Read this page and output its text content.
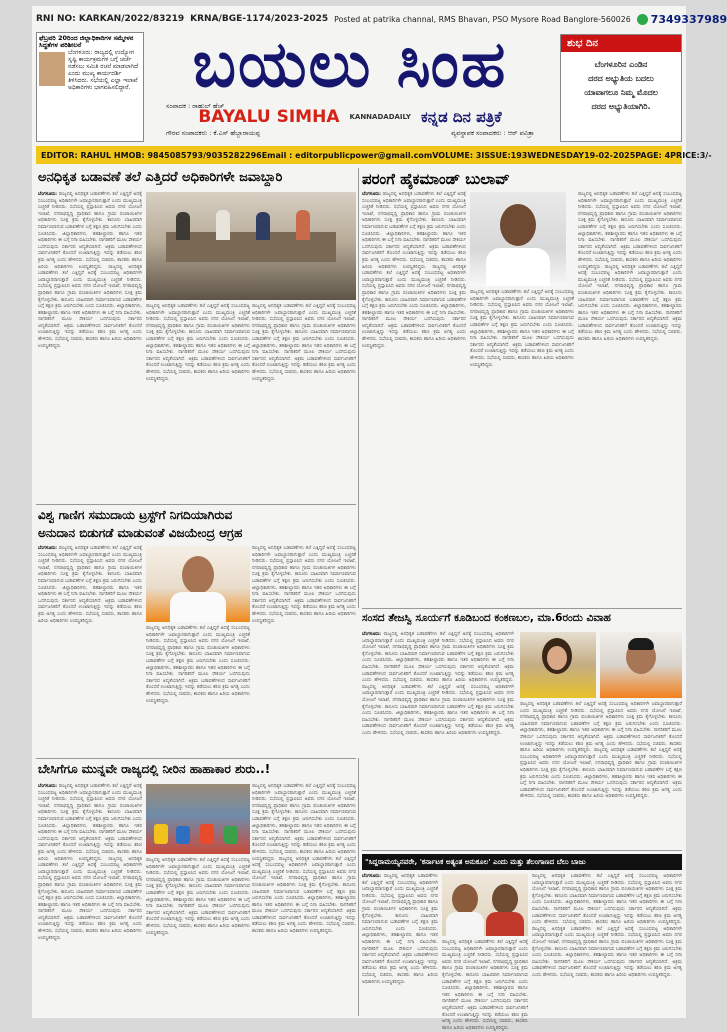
RNI NO: KARKAN/2022/83219 KRNA/BGE-1174/2023-2025 Posted at patrika channal, RMS Bhavan, PSO Mysore Road Banglore-560026 7349337989
ಫೆಬ್ರವರಿ 20ರಿಂದ ಜಿಲ್ಲಾಧಿಕಾರಿಗಳ ಸಮ್ಮೇಳನ ಸಿದ್ಧತೆಗಳ ಪರಿಶೀಲನೆ
ಬೆಂಗಳೂರು: ರಾಜ್ಯದಲ್ಲಿ ಉದ್ಯೋಗ ಸೃಷ್ಟಿ ಕಾರ್ಯಕ್ರಮಗಳ ಬಗ್ಗೆ ಚರ್ಚೆ ನಡೆಸಲು ಸಮಿತಿ ರಚನೆ ಮಾಡಲಾಗಿದೆ ಎಂದು ಮುಖ್ಯ ಕಾರ್ಯದರ್ಶಿ ತಿಳಿಸಿದರು. ಸಭೆಯಲ್ಲಿ ಎಲ್ಲಾ ಇಲಾಖೆ ಅಧಿಕಾರಿಗಳು ಭಾಗವಹಿಸಲಿದ್ದಾರೆ. ಬಯಲು ಸಿಂಹ
ಸಂಪಾದಕ : ರಾಹುಲ್ ಹೆಚ್
BAYALU SIMHA KANNADADAILY ಕನ್ನಡ ದಿನ ಪತ್ರಿಕೆ
ಗೌರವ ಸಂಪಾದಕರು : ಕೆ.ಎಸ್ ಹೆಬ್ಬಾರಾಯಪ್ಪ	ವ್ಯವಸ್ಥಾಪಕ ಸಂಪಾದಕರು : ಆರ್ ಪವಿತ್ರಾ
ಶುಭ ದಿನ
ಬೆಂಗಳೂರಿನ ಎಂಡಿನ
ದರದ ಅಭ್ಯುತಿಯ ಬದಲು
ಯಾವಾಗಲೂ ನಿಮ್ಮ ಮೊದಲ
ದರದ ಅಭ್ಯುತಿಯಾಗಿರಿ.
EDITOR: RAHUL H MOB: 9845085793/9035282296 Email : editorpublicpower@gmail.com VOLUME: 3 ISSUE:193 WEDNESDAY 19-02-2025 PAGE: 4 PRICE:3/-
ಅನಧಿಕೃತ ಬಡಾವಣೆ ತಲೆ ಎತ್ತಿದರೆ ಅಧಿಕಾರಿಗಳೇ ಜವಾಬ್ದಾರಿ
ಬೆಂಗಳೂರು: ರಾಜ್ಯದಲ್ಲಿ ಅನಧಿಕೃತ ಬಡಾವಣೆಗಳು ತಲೆ ಎತ್ತಿದ್ದರೆ ಅದಕ್ಕೆ ಸಂಬಂಧಪಟ್ಟ ಅಧಿಕಾರಿಗಳೇ ಜವಾಬ್ದಾರರಾಗುತ್ತಾರೆ ಎಂದು ಮುಖ್ಯಮಂತ್ರಿ ಎಚ್ಚರಿಕೆ ನೀಡಿದರು. ಸಭೆಯಲ್ಲಿ ಪ್ರಸ್ತಾಪಿಸಿದ ಅವರು ನಗರ ಯೋಜನೆ ಇಲಾಖೆ, ನಗರಾಭಿವೃದ್ಧಿ ಪ್ರಾಧಿಕಾರ ಹಾಗೂ ಗ್ರಾಮ ಪಂಚಾಯಿತಿಗಳ ಅಧಿಕಾರಿಗಳು ಸೂಕ್ತ ಕ್ರಮ ಕೈಗೊಳ್ಳಬೇಕು. ಕಾನೂನು ಬಾಹಿರವಾಗಿ ನಿರ್ಮಾಣವಾಗುವ ಬಡಾವಣೆಗಳ ಬಗ್ಗೆ ತಕ್ಷಣ ಕ್ರಮ ಜರುಗಿಸಬೇಕು ಎಂದು ಸೂಚಿಸಿದರು. ಜಿಲ್ಲಾಧಿಕಾರಿಗಳು, ತಹಶೀಲ್ದಾರರು ಹಾಗೂ ಇತರ ಅಧಿಕಾರಿಗಳು ಈ ಬಗ್ಗೆ ನಿಗಾ ವಹಿಸಬೇಕು. ನಾಗರಿಕರಿಗೆ ಮೂಲ ಸೌಕರ್ಯ ಒದಗಿಸುವುದು ಸರ್ಕಾರದ ಆದ್ಯತೆಯಾಗಿದೆ. ಅಕ್ರಮ ಬಡಾವಣೆಗಳಿಂದ ಸಾರ್ವಜನಿಕರಿಗೆ ತೊಂದರೆ ಉಂಟಾಗುತ್ತಿದ್ದು ಇದನ್ನು ತಡೆಯಲು ಕಠಿಣ ಕ್ರಮ ಅಗತ್ಯ ಎಂದು ಹೇಳಿದರು. ಸಭೆಯಲ್ಲಿ ಸಚಿವರು, ಶಾಸಕರು ಹಾಗೂ ಹಿರಿಯ ಅಧಿಕಾರಿಗಳು ಉಪಸ್ಥಿತರಿದ್ದರು. ರಾಜ್ಯದಲ್ಲಿ ಅನಧಿಕೃತ ಬಡಾವಣೆಗಳು ತಲೆ ಎತ್ತಿದ್ದರೆ ಅದಕ್ಕೆ ಸಂಬಂಧಪಟ್ಟ ಅಧಿಕಾರಿಗಳೇ ಜವಾಬ್ದಾರರಾಗುತ್ತಾರೆ ಎಂದು ಮುಖ್ಯಮಂತ್ರಿ ಎಚ್ಚರಿಕೆ ನೀಡಿದರು. ಸಭೆಯಲ್ಲಿ ಪ್ರಸ್ತಾಪಿಸಿದ ಅವರು ನಗರ ಯೋಜನೆ ಇಲಾಖೆ, ನಗರಾಭಿವೃದ್ಧಿ ಪ್ರಾಧಿಕಾರ ಹಾಗೂ ಗ್ರಾಮ ಪಂಚಾಯಿತಿಗಳ ಅಧಿಕಾರಿಗಳು ಸೂಕ್ತ ಕ್ರಮ ಕೈಗೊಳ್ಳಬೇಕು. ಕಾನೂನು ಬಾಹಿರವಾಗಿ ನಿರ್ಮಾಣವಾಗುವ ಬಡಾವಣೆಗಳ ಬಗ್ಗೆ ತಕ್ಷಣ ಕ್ರಮ ಜರುಗಿಸಬೇಕು ಎಂದು ಸೂಚಿಸಿದರು. ಜಿಲ್ಲಾಧಿಕಾರಿಗಳು, ತಹಶೀಲ್ದಾರರು ಹಾಗೂ ಇತರ ಅಧಿಕಾರಿಗಳು ಈ ಬಗ್ಗೆ ನಿಗಾ ವಹಿಸಬೇಕು. ನಾಗರಿಕರಿಗೆ ಮೂಲ ಸೌಕರ್ಯ ಒದಗಿಸುವುದು ಸರ್ಕಾರದ ಆದ್ಯತೆಯಾಗಿದೆ. ಅಕ್ರಮ ಬಡಾವಣೆಗಳಿಂದ ಸಾರ್ವಜನಿಕರಿಗೆ ತೊಂದರೆ ಉಂಟಾಗುತ್ತಿದ್ದು ಇದನ್ನು ತಡೆಯಲು ಕಠಿಣ ಕ್ರಮ ಅಗತ್ಯ ಎಂದು ಹೇಳಿದರು. ಸಭೆಯಲ್ಲಿ ಸಚಿವರು, ಶಾಸಕರು ಹಾಗೂ ಹಿರಿಯ ಅಧಿಕಾರಿಗಳು ಉಪಸ್ಥಿತರಿದ್ದರು.
ರಾಜ್ಯದಲ್ಲಿ ಅನಧಿಕೃತ ಬಡಾವಣೆಗಳು ತಲೆ ಎತ್ತಿದ್ದರೆ ಅದಕ್ಕೆ ಸಂಬಂಧಪಟ್ಟ ಅಧಿಕಾರಿಗಳೇ ಜವಾಬ್ದಾರರಾಗುತ್ತಾರೆ ಎಂದು ಮುಖ್ಯಮಂತ್ರಿ ಎಚ್ಚರಿಕೆ ನೀಡಿದರು. ಸಭೆಯಲ್ಲಿ ಪ್ರಸ್ತಾಪಿಸಿದ ಅವರು ನಗರ ಯೋಜನೆ ಇಲಾಖೆ, ನಗರಾಭಿವೃದ್ಧಿ ಪ್ರಾಧಿಕಾರ ಹಾಗೂ ಗ್ರಾಮ ಪಂಚಾಯಿತಿಗಳ ಅಧಿಕಾರಿಗಳು ಸೂಕ್ತ ಕ್ರಮ ಕೈಗೊಳ್ಳಬೇಕು. ಕಾನೂನು ಬಾಹಿರವಾಗಿ ನಿರ್ಮಾಣವಾಗುವ ಬಡಾವಣೆಗಳ ಬಗ್ಗೆ ತಕ್ಷಣ ಕ್ರಮ ಜರುಗಿಸಬೇಕು ಎಂದು ಸೂಚಿಸಿದರು. ಜಿಲ್ಲಾಧಿಕಾರಿಗಳು, ತಹಶೀಲ್ದಾರರು ಹಾಗೂ ಇತರ ಅಧಿಕಾರಿಗಳು ಈ ಬಗ್ಗೆ ನಿಗಾ ವಹಿಸಬೇಕು. ನಾಗರಿಕರಿಗೆ ಮೂಲ ಸೌಕರ್ಯ ಒದಗಿಸುವುದು ಸರ್ಕಾರದ ಆದ್ಯತೆಯಾಗಿದೆ. ಅಕ್ರಮ ಬಡಾವಣೆಗಳಿಂದ ಸಾರ್ವಜನಿಕರಿಗೆ ತೊಂದರೆ ಉಂಟಾಗುತ್ತಿದ್ದು ಇದನ್ನು ತಡೆಯಲು ಕಠಿಣ ಕ್ರಮ ಅಗತ್ಯ ಎಂದು ಹೇಳಿದರು. ಸಭೆಯಲ್ಲಿ ಸಚಿವರು, ಶಾಸಕರು ಹಾಗೂ ಹಿರಿಯ ಅಧಿಕಾರಿಗಳು ಉಪಸ್ಥಿತರಿದ್ದರು.
ರಾಜ್ಯದಲ್ಲಿ ಅನಧಿಕೃತ ಬಡಾವಣೆಗಳು ತಲೆ ಎತ್ತಿದ್ದರೆ ಅದಕ್ಕೆ ಸಂಬಂಧಪಟ್ಟ ಅಧಿಕಾರಿಗಳೇ ಜವಾಬ್ದಾರರಾಗುತ್ತಾರೆ ಎಂದು ಮುಖ್ಯಮಂತ್ರಿ ಎಚ್ಚರಿಕೆ ನೀಡಿದರು. ಸಭೆಯಲ್ಲಿ ಪ್ರಸ್ತಾಪಿಸಿದ ಅವರು ನಗರ ಯೋಜನೆ ಇಲಾಖೆ, ನಗರಾಭಿವೃದ್ಧಿ ಪ್ರಾಧಿಕಾರ ಹಾಗೂ ಗ್ರಾಮ ಪಂಚಾಯಿತಿಗಳ ಅಧಿಕಾರಿಗಳು ಸೂಕ್ತ ಕ್ರಮ ಕೈಗೊಳ್ಳಬೇಕು. ಕಾನೂನು ಬಾಹಿರವಾಗಿ ನಿರ್ಮಾಣವಾಗುವ ಬಡಾವಣೆಗಳ ಬಗ್ಗೆ ತಕ್ಷಣ ಕ್ರಮ ಜರುಗಿಸಬೇಕು ಎಂದು ಸೂಚಿಸಿದರು. ಜಿಲ್ಲಾಧಿಕಾರಿಗಳು, ತಹಶೀಲ್ದಾರರು ಹಾಗೂ ಇತರ ಅಧಿಕಾರಿಗಳು ಈ ಬಗ್ಗೆ ನಿಗಾ ವಹಿಸಬೇಕು. ನಾಗರಿಕರಿಗೆ ಮೂಲ ಸೌಕರ್ಯ ಒದಗಿಸುವುದು ಸರ್ಕಾರದ ಆದ್ಯತೆಯಾಗಿದೆ. ಅಕ್ರಮ ಬಡಾವಣೆಗಳಿಂದ ಸಾರ್ವಜನಿಕರಿಗೆ ತೊಂದರೆ ಉಂಟಾಗುತ್ತಿದ್ದು ಇದನ್ನು ತಡೆಯಲು ಕಠಿಣ ಕ್ರಮ ಅಗತ್ಯ ಎಂದು ಹೇಳಿದರು. ಸಭೆಯಲ್ಲಿ ಸಚಿವರು, ಶಾಸಕರು ಹಾಗೂ ಹಿರಿಯ ಅಧಿಕಾರಿಗಳು ಉಪಸ್ಥಿತರಿದ್ದರು.
ವಿಶ್ವ ಗಾಣಿಗ ಸಮುದಾಯ ಟ್ರಸ್ಟ್‌ಗೆ ನಿಗದಿಯಾಗಿರುವ
ಅನುದಾನ ಬಿಡುಗಡೆ ಮಾಡುವಂತೆ ವಿಜಯೇಂದ್ರ ಆಗ್ರಹ
ಬೆಂಗಳೂರು: ರಾಜ್ಯದಲ್ಲಿ ಅನಧಿಕೃತ ಬಡಾವಣೆಗಳು ತಲೆ ಎತ್ತಿದ್ದರೆ ಅದಕ್ಕೆ ಸಂಬಂಧಪಟ್ಟ ಅಧಿಕಾರಿಗಳೇ ಜವಾಬ್ದಾರರಾಗುತ್ತಾರೆ ಎಂದು ಮುಖ್ಯಮಂತ್ರಿ ಎಚ್ಚರಿಕೆ ನೀಡಿದರು. ಸಭೆಯಲ್ಲಿ ಪ್ರಸ್ತಾಪಿಸಿದ ಅವರು ನಗರ ಯೋಜನೆ ಇಲಾಖೆ, ನಗರಾಭಿವೃದ್ಧಿ ಪ್ರಾಧಿಕಾರ ಹಾಗೂ ಗ್ರಾಮ ಪಂಚಾಯಿತಿಗಳ ಅಧಿಕಾರಿಗಳು ಸೂಕ್ತ ಕ್ರಮ ಕೈಗೊಳ್ಳಬೇಕು. ಕಾನೂನು ಬಾಹಿರವಾಗಿ ನಿರ್ಮಾಣವಾಗುವ ಬಡಾವಣೆಗಳ ಬಗ್ಗೆ ತಕ್ಷಣ ಕ್ರಮ ಜರುಗಿಸಬೇಕು ಎಂದು ಸೂಚಿಸಿದರು. ಜಿಲ್ಲಾಧಿಕಾರಿಗಳು, ತಹಶೀಲ್ದಾರರು ಹಾಗೂ ಇತರ ಅಧಿಕಾರಿಗಳು ಈ ಬಗ್ಗೆ ನಿಗಾ ವಹಿಸಬೇಕು. ನಾಗರಿಕರಿಗೆ ಮೂಲ ಸೌಕರ್ಯ ಒದಗಿಸುವುದು ಸರ್ಕಾರದ ಆದ್ಯತೆಯಾಗಿದೆ. ಅಕ್ರಮ ಬಡಾವಣೆಗಳಿಂದ ಸಾರ್ವಜನಿಕರಿಗೆ ತೊಂದರೆ ಉಂಟಾಗುತ್ತಿದ್ದು ಇದನ್ನು ತಡೆಯಲು ಕಠಿಣ ಕ್ರಮ ಅಗತ್ಯ ಎಂದು ಹೇಳಿದರು. ಸಭೆಯಲ್ಲಿ ಸಚಿವರು, ಶಾಸಕರು ಹಾಗೂ ಹಿರಿಯ ಅಧಿಕಾರಿಗಳು ಉಪಸ್ಥಿತರಿದ್ದರು.
ರಾಜ್ಯದಲ್ಲಿ ಅನಧಿಕೃತ ಬಡಾವಣೆಗಳು ತಲೆ ಎತ್ತಿದ್ದರೆ ಅದಕ್ಕೆ ಸಂಬಂಧಪಟ್ಟ ಅಧಿಕಾರಿಗಳೇ ಜವಾಬ್ದಾರರಾಗುತ್ತಾರೆ ಎಂದು ಮುಖ್ಯಮಂತ್ರಿ ಎಚ್ಚರಿಕೆ ನೀಡಿದರು. ಸಭೆಯಲ್ಲಿ ಪ್ರಸ್ತಾಪಿಸಿದ ಅವರು ನಗರ ಯೋಜನೆ ಇಲಾಖೆ, ನಗರಾಭಿವೃದ್ಧಿ ಪ್ರಾಧಿಕಾರ ಹಾಗೂ ಗ್ರಾಮ ಪಂಚಾಯಿತಿಗಳ ಅಧಿಕಾರಿಗಳು ಸೂಕ್ತ ಕ್ರಮ ಕೈಗೊಳ್ಳಬೇಕು. ಕಾನೂನು ಬಾಹಿರವಾಗಿ ನಿರ್ಮಾಣವಾಗುವ ಬಡಾವಣೆಗಳ ಬಗ್ಗೆ ತಕ್ಷಣ ಕ್ರಮ ಜರುಗಿಸಬೇಕು ಎಂದು ಸೂಚಿಸಿದರು. ಜಿಲ್ಲಾಧಿಕಾರಿಗಳು, ತಹಶೀಲ್ದಾರರು ಹಾಗೂ ಇತರ ಅಧಿಕಾರಿಗಳು ಈ ಬಗ್ಗೆ ನಿಗಾ ವಹಿಸಬೇಕು. ನಾಗರಿಕರಿಗೆ ಮೂಲ ಸೌಕರ್ಯ ಒದಗಿಸುವುದು ಸರ್ಕಾರದ ಆದ್ಯತೆಯಾಗಿದೆ. ಅಕ್ರಮ ಬಡಾವಣೆಗಳಿಂದ ಸಾರ್ವಜನಿಕರಿಗೆ ತೊಂದರೆ ಉಂಟಾಗುತ್ತಿದ್ದು ಇದನ್ನು ತಡೆಯಲು ಕಠಿಣ ಕ್ರಮ ಅಗತ್ಯ ಎಂದು ಹೇಳಿದರು. ಸಭೆಯಲ್ಲಿ ಸಚಿವರು, ಶಾಸಕರು ಹಾಗೂ ಹಿರಿಯ ಅಧಿಕಾರಿಗಳು ಉಪಸ್ಥಿತರಿದ್ದರು.
ರಾಜ್ಯದಲ್ಲಿ ಅನಧಿಕೃತ ಬಡಾವಣೆಗಳು ತಲೆ ಎತ್ತಿದ್ದರೆ ಅದಕ್ಕೆ ಸಂಬಂಧಪಟ್ಟ ಅಧಿಕಾರಿಗಳೇ ಜವಾಬ್ದಾರರಾಗುತ್ತಾರೆ ಎಂದು ಮುಖ್ಯಮಂತ್ರಿ ಎಚ್ಚರಿಕೆ ನೀಡಿದರು. ಸಭೆಯಲ್ಲಿ ಪ್ರಸ್ತಾಪಿಸಿದ ಅವರು ನಗರ ಯೋಜನೆ ಇಲಾಖೆ, ನಗರಾಭಿವೃದ್ಧಿ ಪ್ರಾಧಿಕಾರ ಹಾಗೂ ಗ್ರಾಮ ಪಂಚಾಯಿತಿಗಳ ಅಧಿಕಾರಿಗಳು ಸೂಕ್ತ ಕ್ರಮ ಕೈಗೊಳ್ಳಬೇಕು. ಕಾನೂನು ಬಾಹಿರವಾಗಿ ನಿರ್ಮಾಣವಾಗುವ ಬಡಾವಣೆಗಳ ಬಗ್ಗೆ ತಕ್ಷಣ ಕ್ರಮ ಜರುಗಿಸಬೇಕು ಎಂದು ಸೂಚಿಸಿದರು. ಜಿಲ್ಲಾಧಿಕಾರಿಗಳು, ತಹಶೀಲ್ದಾರರು ಹಾಗೂ ಇತರ ಅಧಿಕಾರಿಗಳು ಈ ಬಗ್ಗೆ ನಿಗಾ ವಹಿಸಬೇಕು. ನಾಗರಿಕರಿಗೆ ಮೂಲ ಸೌಕರ್ಯ ಒದಗಿಸುವುದು ಸರ್ಕಾರದ ಆದ್ಯತೆಯಾಗಿದೆ. ಅಕ್ರಮ ಬಡಾವಣೆಗಳಿಂದ ಸಾರ್ವಜನಿಕರಿಗೆ ತೊಂದರೆ ಉಂಟಾಗುತ್ತಿದ್ದು ಇದನ್ನು ತಡೆಯಲು ಕಠಿಣ ಕ್ರಮ ಅಗತ್ಯ ಎಂದು ಹೇಳಿದರು. ಸಭೆಯಲ್ಲಿ ಸಚಿವರು, ಶಾಸಕರು ಹಾಗೂ ಹಿರಿಯ ಅಧಿಕಾರಿಗಳು ಉಪಸ್ಥಿತರಿದ್ದರು.
ಪರಂಗೆ ಹೈಕಮಾಂಡ್ ಬುಲಾವ್
ಬೆಂಗಳೂರು: ರಾಜ್ಯದಲ್ಲಿ ಅನಧಿಕೃತ ಬಡಾವಣೆಗಳು ತಲೆ ಎತ್ತಿದ್ದರೆ ಅದಕ್ಕೆ ಸಂಬಂಧಪಟ್ಟ ಅಧಿಕಾರಿಗಳೇ ಜವಾಬ್ದಾರರಾಗುತ್ತಾರೆ ಎಂದು ಮುಖ್ಯಮಂತ್ರಿ ಎಚ್ಚರಿಕೆ ನೀಡಿದರು. ಸಭೆಯಲ್ಲಿ ಪ್ರಸ್ತಾಪಿಸಿದ ಅವರು ನಗರ ಯೋಜನೆ ಇಲಾಖೆ, ನಗರಾಭಿವೃದ್ಧಿ ಪ್ರಾಧಿಕಾರ ಹಾಗೂ ಗ್ರಾಮ ಪಂಚಾಯಿತಿಗಳ ಅಧಿಕಾರಿಗಳು ಸೂಕ್ತ ಕ್ರಮ ಕೈಗೊಳ್ಳಬೇಕು. ಕಾನೂನು ಬಾಹಿರವಾಗಿ ನಿರ್ಮಾಣವಾಗುವ ಬಡಾವಣೆಗಳ ಬಗ್ಗೆ ತಕ್ಷಣ ಕ್ರಮ ಜರುಗಿಸಬೇಕು ಎಂದು ಸೂಚಿಸಿದರು. ಜಿಲ್ಲಾಧಿಕಾರಿಗಳು, ತಹಶೀಲ್ದಾರರು ಹಾಗೂ ಇತರ ಅಧಿಕಾರಿಗಳು ಈ ಬಗ್ಗೆ ನಿಗಾ ವಹಿಸಬೇಕು. ನಾಗರಿಕರಿಗೆ ಮೂಲ ಸೌಕರ್ಯ ಒದಗಿಸುವುದು ಸರ್ಕಾರದ ಆದ್ಯತೆಯಾಗಿದೆ. ಅಕ್ರಮ ಬಡಾವಣೆಗಳಿಂದ ಸಾರ್ವಜನಿಕರಿಗೆ ತೊಂದರೆ ಉಂಟಾಗುತ್ತಿದ್ದು ಇದನ್ನು ತಡೆಯಲು ಕಠಿಣ ಕ್ರಮ ಅಗತ್ಯ ಎಂದು ಹೇಳಿದರು. ಸಭೆಯಲ್ಲಿ ಸಚಿವರು, ಶಾಸಕರು ಹಾಗೂ ಹಿರಿಯ ಅಧಿಕಾರಿಗಳು ಉಪಸ್ಥಿತರಿದ್ದರು. ರಾಜ್ಯದಲ್ಲಿ ಅನಧಿಕೃತ ಬಡಾವಣೆಗಳು ತಲೆ ಎತ್ತಿದ್ದರೆ ಅದಕ್ಕೆ ಸಂಬಂಧಪಟ್ಟ ಅಧಿಕಾರಿಗಳೇ ಜವಾಬ್ದಾರರಾಗುತ್ತಾರೆ ಎಂದು ಮುಖ್ಯಮಂತ್ರಿ ಎಚ್ಚರಿಕೆ ನೀಡಿದರು. ಸಭೆಯಲ್ಲಿ ಪ್ರಸ್ತಾಪಿಸಿದ ಅವರು ನಗರ ಯೋಜನೆ ಇಲಾಖೆ, ನಗರಾಭಿವೃದ್ಧಿ ಪ್ರಾಧಿಕಾರ ಹಾಗೂ ಗ್ರಾಮ ಪಂಚಾಯಿತಿಗಳ ಅಧಿಕಾರಿಗಳು ಸೂಕ್ತ ಕ್ರಮ ಕೈಗೊಳ್ಳಬೇಕು. ಕಾನೂನು ಬಾಹಿರವಾಗಿ ನಿರ್ಮಾಣವಾಗುವ ಬಡಾವಣೆಗಳ ಬಗ್ಗೆ ತಕ್ಷಣ ಕ್ರಮ ಜರುಗಿಸಬೇಕು ಎಂದು ಸೂಚಿಸಿದರು. ಜಿಲ್ಲಾಧಿಕಾರಿಗಳು, ತಹಶೀಲ್ದಾರರು ಹಾಗೂ ಇತರ ಅಧಿಕಾರಿಗಳು ಈ ಬಗ್ಗೆ ನಿಗಾ ವಹಿಸಬೇಕು. ನಾಗರಿಕರಿಗೆ ಮೂಲ ಸೌಕರ್ಯ ಒದಗಿಸುವುದು ಸರ್ಕಾರದ ಆದ್ಯತೆಯಾಗಿದೆ. ಅಕ್ರಮ ಬಡಾವಣೆಗಳಿಂದ ಸಾರ್ವಜನಿಕರಿಗೆ ತೊಂದರೆ ಉಂಟಾಗುತ್ತಿದ್ದು ಇದನ್ನು ತಡೆಯಲು ಕಠಿಣ ಕ್ರಮ ಅಗತ್ಯ ಎಂದು ಹೇಳಿದರು. ಸಭೆಯಲ್ಲಿ ಸಚಿವರು, ಶಾಸಕರು ಹಾಗೂ ಹಿರಿಯ ಅಧಿಕಾರಿಗಳು ಉಪಸ್ಥಿತರಿದ್ದರು.
ರಾಜ್ಯದಲ್ಲಿ ಅನಧಿಕೃತ ಬಡಾವಣೆಗಳು ತಲೆ ಎತ್ತಿದ್ದರೆ ಅದಕ್ಕೆ ಸಂಬಂಧಪಟ್ಟ ಅಧಿಕಾರಿಗಳೇ ಜವಾಬ್ದಾರರಾಗುತ್ತಾರೆ ಎಂದು ಮುಖ್ಯಮಂತ್ರಿ ಎಚ್ಚರಿಕೆ ನೀಡಿದರು. ಸಭೆಯಲ್ಲಿ ಪ್ರಸ್ತಾಪಿಸಿದ ಅವರು ನಗರ ಯೋಜನೆ ಇಲಾಖೆ, ನಗರಾಭಿವೃದ್ಧಿ ಪ್ರಾಧಿಕಾರ ಹಾಗೂ ಗ್ರಾಮ ಪಂಚಾಯಿತಿಗಳ ಅಧಿಕಾರಿಗಳು ಸೂಕ್ತ ಕ್ರಮ ಕೈಗೊಳ್ಳಬೇಕು. ಕಾನೂನು ಬಾಹಿರವಾಗಿ ನಿರ್ಮಾಣವಾಗುವ ಬಡಾವಣೆಗಳ ಬಗ್ಗೆ ತಕ್ಷಣ ಕ್ರಮ ಜರುಗಿಸಬೇಕು ಎಂದು ಸೂಚಿಸಿದರು. ಜಿಲ್ಲಾಧಿಕಾರಿಗಳು, ತಹಶೀಲ್ದಾರರು ಹಾಗೂ ಇತರ ಅಧಿಕಾರಿಗಳು ಈ ಬಗ್ಗೆ ನಿಗಾ ವಹಿಸಬೇಕು. ನಾಗರಿಕರಿಗೆ ಮೂಲ ಸೌಕರ್ಯ ಒದಗಿಸುವುದು ಸರ್ಕಾರದ ಆದ್ಯತೆಯಾಗಿದೆ. ಅಕ್ರಮ ಬಡಾವಣೆಗಳಿಂದ ಸಾರ್ವಜನಿಕರಿಗೆ ತೊಂದರೆ ಉಂಟಾಗುತ್ತಿದ್ದು ಇದನ್ನು ತಡೆಯಲು ಕಠಿಣ ಕ್ರಮ ಅಗತ್ಯ ಎಂದು ಹೇಳಿದರು. ಸಭೆಯಲ್ಲಿ ಸಚಿವರು, ಶಾಸಕರು ಹಾಗೂ ಹಿರಿಯ ಅಧಿಕಾರಿಗಳು ಉಪಸ್ಥಿತರಿದ್ದರು.
ರಾಜ್ಯದಲ್ಲಿ ಅನಧಿಕೃತ ಬಡಾವಣೆಗಳು ತಲೆ ಎತ್ತಿದ್ದರೆ ಅದಕ್ಕೆ ಸಂಬಂಧಪಟ್ಟ ಅಧಿಕಾರಿಗಳೇ ಜವಾಬ್ದಾರರಾಗುತ್ತಾರೆ ಎಂದು ಮುಖ್ಯಮಂತ್ರಿ ಎಚ್ಚರಿಕೆ ನೀಡಿದರು. ಸಭೆಯಲ್ಲಿ ಪ್ರಸ್ತಾಪಿಸಿದ ಅವರು ನಗರ ಯೋಜನೆ ಇಲಾಖೆ, ನಗರಾಭಿವೃದ್ಧಿ ಪ್ರಾಧಿಕಾರ ಹಾಗೂ ಗ್ರಾಮ ಪಂಚಾಯಿತಿಗಳ ಅಧಿಕಾರಿಗಳು ಸೂಕ್ತ ಕ್ರಮ ಕೈಗೊಳ್ಳಬೇಕು. ಕಾನೂನು ಬಾಹಿರವಾಗಿ ನಿರ್ಮಾಣವಾಗುವ ಬಡಾವಣೆಗಳ ಬಗ್ಗೆ ತಕ್ಷಣ ಕ್ರಮ ಜರುಗಿಸಬೇಕು ಎಂದು ಸೂಚಿಸಿದರು. ಜಿಲ್ಲಾಧಿಕಾರಿಗಳು, ತಹಶೀಲ್ದಾರರು ಹಾಗೂ ಇತರ ಅಧಿಕಾರಿಗಳು ಈ ಬಗ್ಗೆ ನಿಗಾ ವಹಿಸಬೇಕು. ನಾಗರಿಕರಿಗೆ ಮೂಲ ಸೌಕರ್ಯ ಒದಗಿಸುವುದು ಸರ್ಕಾರದ ಆದ್ಯತೆಯಾಗಿದೆ. ಅಕ್ರಮ ಬಡಾವಣೆಗಳಿಂದ ಸಾರ್ವಜನಿಕರಿಗೆ ತೊಂದರೆ ಉಂಟಾಗುತ್ತಿದ್ದು ಇದನ್ನು ತಡೆಯಲು ಕಠಿಣ ಕ್ರಮ ಅಗತ್ಯ ಎಂದು ಹೇಳಿದರು. ಸಭೆಯಲ್ಲಿ ಸಚಿವರು, ಶಾಸಕರು ಹಾಗೂ ಹಿರಿಯ ಅಧಿಕಾರಿಗಳು ಉಪಸ್ಥಿತರಿದ್ದರು. ರಾಜ್ಯದಲ್ಲಿ ಅನಧಿಕೃತ ಬಡಾವಣೆಗಳು ತಲೆ ಎತ್ತಿದ್ದರೆ ಅದಕ್ಕೆ ಸಂಬಂಧಪಟ್ಟ ಅಧಿಕಾರಿಗಳೇ ಜವಾಬ್ದಾರರಾಗುತ್ತಾರೆ ಎಂದು ಮುಖ್ಯಮಂತ್ರಿ ಎಚ್ಚರಿಕೆ ನೀಡಿದರು. ಸಭೆಯಲ್ಲಿ ಪ್ರಸ್ತಾಪಿಸಿದ ಅವರು ನಗರ ಯೋಜನೆ ಇಲಾಖೆ, ನಗರಾಭಿವೃದ್ಧಿ ಪ್ರಾಧಿಕಾರ ಹಾಗೂ ಗ್ರಾಮ ಪಂಚಾಯಿತಿಗಳ ಅಧಿಕಾರಿಗಳು ಸೂಕ್ತ ಕ್ರಮ ಕೈಗೊಳ್ಳಬೇಕು. ಕಾನೂನು ಬಾಹಿರವಾಗಿ ನಿರ್ಮಾಣವಾಗುವ ಬಡಾವಣೆಗಳ ಬಗ್ಗೆ ತಕ್ಷಣ ಕ್ರಮ ಜರುಗಿಸಬೇಕು ಎಂದು ಸೂಚಿಸಿದರು. ಜಿಲ್ಲಾಧಿಕಾರಿಗಳು, ತಹಶೀಲ್ದಾರರು ಹಾಗೂ ಇತರ ಅಧಿಕಾರಿಗಳು ಈ ಬಗ್ಗೆ ನಿಗಾ ವಹಿಸಬೇಕು. ನಾಗರಿಕರಿಗೆ ಮೂಲ ಸೌಕರ್ಯ ಒದಗಿಸುವುದು ಸರ್ಕಾರದ ಆದ್ಯತೆಯಾಗಿದೆ. ಅಕ್ರಮ ಬಡಾವಣೆಗಳಿಂದ ಸಾರ್ವಜನಿಕರಿಗೆ ತೊಂದರೆ ಉಂಟಾಗುತ್ತಿದ್ದು ಇದನ್ನು ತಡೆಯಲು ಕಠಿಣ ಕ್ರಮ ಅಗತ್ಯ ಎಂದು ಹೇಳಿದರು. ಸಭೆಯಲ್ಲಿ ಸಚಿವರು, ಶಾಸಕರು ಹಾಗೂ ಹಿರಿಯ ಅಧಿಕಾರಿಗಳು ಉಪಸ್ಥಿತರಿದ್ದರು.
ಸಂಸದ ತೇಜಸ್ವಿ ಸೂರ್ಯಗೆ ಕೂಡಿಬಂದ ಕಂಕಣಬಲ, ಮಾ.6ರಂದು ವಿವಾಹ
ಬೆಂಗಳೂರು: ರಾಜ್ಯದಲ್ಲಿ ಅನಧಿಕೃತ ಬಡಾವಣೆಗಳು ತಲೆ ಎತ್ತಿದ್ದರೆ ಅದಕ್ಕೆ ಸಂಬಂಧಪಟ್ಟ ಅಧಿಕಾರಿಗಳೇ ಜವಾಬ್ದಾರರಾಗುತ್ತಾರೆ ಎಂದು ಮುಖ್ಯಮಂತ್ರಿ ಎಚ್ಚರಿಕೆ ನೀಡಿದರು. ಸಭೆಯಲ್ಲಿ ಪ್ರಸ್ತಾಪಿಸಿದ ಅವರು ನಗರ ಯೋಜನೆ ಇಲಾಖೆ, ನಗರಾಭಿವೃದ್ಧಿ ಪ್ರಾಧಿಕಾರ ಹಾಗೂ ಗ್ರಾಮ ಪಂಚಾಯಿತಿಗಳ ಅಧಿಕಾರಿಗಳು ಸೂಕ್ತ ಕ್ರಮ ಕೈಗೊಳ್ಳಬೇಕು. ಕಾನೂನು ಬಾಹಿರವಾಗಿ ನಿರ್ಮಾಣವಾಗುವ ಬಡಾವಣೆಗಳ ಬಗ್ಗೆ ತಕ್ಷಣ ಕ್ರಮ ಜರುಗಿಸಬೇಕು ಎಂದು ಸೂಚಿಸಿದರು. ಜಿಲ್ಲಾಧಿಕಾರಿಗಳು, ತಹಶೀಲ್ದಾರರು ಹಾಗೂ ಇತರ ಅಧಿಕಾರಿಗಳು ಈ ಬಗ್ಗೆ ನಿಗಾ ವಹಿಸಬೇಕು. ನಾಗರಿಕರಿಗೆ ಮೂಲ ಸೌಕರ್ಯ ಒದಗಿಸುವುದು ಸರ್ಕಾರದ ಆದ್ಯತೆಯಾಗಿದೆ. ಅಕ್ರಮ ಬಡಾವಣೆಗಳಿಂದ ಸಾರ್ವಜನಿಕರಿಗೆ ತೊಂದರೆ ಉಂಟಾಗುತ್ತಿದ್ದು ಇದನ್ನು ತಡೆಯಲು ಕಠಿಣ ಕ್ರಮ ಅಗತ್ಯ ಎಂದು ಹೇಳಿದರು. ಸಭೆಯಲ್ಲಿ ಸಚಿವರು, ಶಾಸಕರು ಹಾಗೂ ಹಿರಿಯ ಅಧಿಕಾರಿಗಳು ಉಪಸ್ಥಿತರಿದ್ದರು. ರಾಜ್ಯದಲ್ಲಿ ಅನಧಿಕೃತ ಬಡಾವಣೆಗಳು ತಲೆ ಎತ್ತಿದ್ದರೆ ಅದಕ್ಕೆ ಸಂಬಂಧಪಟ್ಟ ಅಧಿಕಾರಿಗಳೇ ಜವಾಬ್ದಾರರಾಗುತ್ತಾರೆ ಎಂದು ಮುಖ್ಯಮಂತ್ರಿ ಎಚ್ಚರಿಕೆ ನೀಡಿದರು. ಸಭೆಯಲ್ಲಿ ಪ್ರಸ್ತಾಪಿಸಿದ ಅವರು ನಗರ ಯೋಜನೆ ಇಲಾಖೆ, ನಗರಾಭಿವೃದ್ಧಿ ಪ್ರಾಧಿಕಾರ ಹಾಗೂ ಗ್ರಾಮ ಪಂಚಾಯಿತಿಗಳ ಅಧಿಕಾರಿಗಳು ಸೂಕ್ತ ಕ್ರಮ ಕೈಗೊಳ್ಳಬೇಕು. ಕಾನೂನು ಬಾಹಿರವಾಗಿ ನಿರ್ಮಾಣವಾಗುವ ಬಡಾವಣೆಗಳ ಬಗ್ಗೆ ತಕ್ಷಣ ಕ್ರಮ ಜರುಗಿಸಬೇಕು ಎಂದು ಸೂಚಿಸಿದರು. ಜಿಲ್ಲಾಧಿಕಾರಿಗಳು, ತಹಶೀಲ್ದಾರರು ಹಾಗೂ ಇತರ ಅಧಿಕಾರಿಗಳು ಈ ಬಗ್ಗೆ ನಿಗಾ ವಹಿಸಬೇಕು. ನಾಗರಿಕರಿಗೆ ಮೂಲ ಸೌಕರ್ಯ ಒದಗಿಸುವುದು ಸರ್ಕಾರದ ಆದ್ಯತೆಯಾಗಿದೆ. ಅಕ್ರಮ ಬಡಾವಣೆಗಳಿಂದ ಸಾರ್ವಜನಿಕರಿಗೆ ತೊಂದರೆ ಉಂಟಾಗುತ್ತಿದ್ದು ಇದನ್ನು ತಡೆಯಲು ಕಠಿಣ ಕ್ರಮ ಅಗತ್ಯ ಎಂದು ಹೇಳಿದರು. ಸಭೆಯಲ್ಲಿ ಸಚಿವರು, ಶಾಸಕರು ಹಾಗೂ ಹಿರಿಯ ಅಧಿಕಾರಿಗಳು ಉಪಸ್ಥಿತರಿದ್ದರು.
ರಾಜ್ಯದಲ್ಲಿ ಅನಧಿಕೃತ ಬಡಾವಣೆಗಳು ತಲೆ ಎತ್ತಿದ್ದರೆ ಅದಕ್ಕೆ ಸಂಬಂಧಪಟ್ಟ ಅಧಿಕಾರಿಗಳೇ ಜವಾಬ್ದಾರರಾಗುತ್ತಾರೆ ಎಂದು ಮುಖ್ಯಮಂತ್ರಿ ಎಚ್ಚರಿಕೆ ನೀಡಿದರು. ಸಭೆಯಲ್ಲಿ ಪ್ರಸ್ತಾಪಿಸಿದ ಅವರು ನಗರ ಯೋಜನೆ ಇಲಾಖೆ, ನಗರಾಭಿವೃದ್ಧಿ ಪ್ರಾಧಿಕಾರ ಹಾಗೂ ಗ್ರಾಮ ಪಂಚಾಯಿತಿಗಳ ಅಧಿಕಾರಿಗಳು ಸೂಕ್ತ ಕ್ರಮ ಕೈಗೊಳ್ಳಬೇಕು. ಕಾನೂನು ಬಾಹಿರವಾಗಿ ನಿರ್ಮಾಣವಾಗುವ ಬಡಾವಣೆಗಳ ಬಗ್ಗೆ ತಕ್ಷಣ ಕ್ರಮ ಜರುಗಿಸಬೇಕು ಎಂದು ಸೂಚಿಸಿದರು. ಜಿಲ್ಲಾಧಿಕಾರಿಗಳು, ತಹಶೀಲ್ದಾರರು ಹಾಗೂ ಇತರ ಅಧಿಕಾರಿಗಳು ಈ ಬಗ್ಗೆ ನಿಗಾ ವಹಿಸಬೇಕು. ನಾಗರಿಕರಿಗೆ ಮೂಲ ಸೌಕರ್ಯ ಒದಗಿಸುವುದು ಸರ್ಕಾರದ ಆದ್ಯತೆಯಾಗಿದೆ. ಅಕ್ರಮ ಬಡಾವಣೆಗಳಿಂದ ಸಾರ್ವಜನಿಕರಿಗೆ ತೊಂದರೆ ಉಂಟಾಗುತ್ತಿದ್ದು ಇದನ್ನು ತಡೆಯಲು ಕಠಿಣ ಕ್ರಮ ಅಗತ್ಯ ಎಂದು ಹೇಳಿದರು. ಸಭೆಯಲ್ಲಿ ಸಚಿವರು, ಶಾಸಕರು ಹಾಗೂ ಹಿರಿಯ ಅಧಿಕಾರಿಗಳು ಉಪಸ್ಥಿತರಿದ್ದರು. ರಾಜ್ಯದಲ್ಲಿ ಅನಧಿಕೃತ ಬಡಾವಣೆಗಳು ತಲೆ ಎತ್ತಿದ್ದರೆ ಅದಕ್ಕೆ ಸಂಬಂಧಪಟ್ಟ ಅಧಿಕಾರಿಗಳೇ ಜವಾಬ್ದಾರರಾಗುತ್ತಾರೆ ಎಂದು ಮುಖ್ಯಮಂತ್ರಿ ಎಚ್ಚರಿಕೆ ನೀಡಿದರು. ಸಭೆಯಲ್ಲಿ ಪ್ರಸ್ತಾಪಿಸಿದ ಅವರು ನಗರ ಯೋಜನೆ ಇಲಾಖೆ, ನಗರಾಭಿವೃದ್ಧಿ ಪ್ರಾಧಿಕಾರ ಹಾಗೂ ಗ್ರಾಮ ಪಂಚಾಯಿತಿಗಳ ಅಧಿಕಾರಿಗಳು ಸೂಕ್ತ ಕ್ರಮ ಕೈಗೊಳ್ಳಬೇಕು. ಕಾನೂನು ಬಾಹಿರವಾಗಿ ನಿರ್ಮಾಣವಾಗುವ ಬಡಾವಣೆಗಳ ಬಗ್ಗೆ ತಕ್ಷಣ ಕ್ರಮ ಜರುಗಿಸಬೇಕು ಎಂದು ಸೂಚಿಸಿದರು. ಜಿಲ್ಲಾಧಿಕಾರಿಗಳು, ತಹಶೀಲ್ದಾರರು ಹಾಗೂ ಇತರ ಅಧಿಕಾರಿಗಳು ಈ ಬಗ್ಗೆ ನಿಗಾ ವಹಿಸಬೇಕು. ನಾಗರಿಕರಿಗೆ ಮೂಲ ಸೌಕರ್ಯ ಒದಗಿಸುವುದು ಸರ್ಕಾರದ ಆದ್ಯತೆಯಾಗಿದೆ. ಅಕ್ರಮ ಬಡಾವಣೆಗಳಿಂದ ಸಾರ್ವಜನಿಕರಿಗೆ ತೊಂದರೆ ಉಂಟಾಗುತ್ತಿದ್ದು ಇದನ್ನು ತಡೆಯಲು ಕಠಿಣ ಕ್ರಮ ಅಗತ್ಯ ಎಂದು ಹೇಳಿದರು. ಸಭೆಯಲ್ಲಿ ಸಚಿವರು, ಶಾಸಕರು ಹಾಗೂ ಹಿರಿಯ ಅಧಿಕಾರಿಗಳು ಉಪಸ್ಥಿತರಿದ್ದರು.
ಬೇಸಿಗೆಗೂ ಮುನ್ನವೇ ರಾಜ್ಯದಲ್ಲಿ ನೀರಿನ ಹಾಹಾಕಾರ ಶುರು..!
ಬೆಂಗಳೂರು: ರಾಜ್ಯದಲ್ಲಿ ಅನಧಿಕೃತ ಬಡಾವಣೆಗಳು ತಲೆ ಎತ್ತಿದ್ದರೆ ಅದಕ್ಕೆ ಸಂಬಂಧಪಟ್ಟ ಅಧಿಕಾರಿಗಳೇ ಜವಾಬ್ದಾರರಾಗುತ್ತಾರೆ ಎಂದು ಮುಖ್ಯಮಂತ್ರಿ ಎಚ್ಚರಿಕೆ ನೀಡಿದರು. ಸಭೆಯಲ್ಲಿ ಪ್ರಸ್ತಾಪಿಸಿದ ಅವರು ನಗರ ಯೋಜನೆ ಇಲಾಖೆ, ನಗರಾಭಿವೃದ್ಧಿ ಪ್ರಾಧಿಕಾರ ಹಾಗೂ ಗ್ರಾಮ ಪಂಚಾಯಿತಿಗಳ ಅಧಿಕಾರಿಗಳು ಸೂಕ್ತ ಕ್ರಮ ಕೈಗೊಳ್ಳಬೇಕು. ಕಾನೂನು ಬಾಹಿರವಾಗಿ ನಿರ್ಮಾಣವಾಗುವ ಬಡಾವಣೆಗಳ ಬಗ್ಗೆ ತಕ್ಷಣ ಕ್ರಮ ಜರುಗಿಸಬೇಕು ಎಂದು ಸೂಚಿಸಿದರು. ಜಿಲ್ಲಾಧಿಕಾರಿಗಳು, ತಹಶೀಲ್ದಾರರು ಹಾಗೂ ಇತರ ಅಧಿಕಾರಿಗಳು ಈ ಬಗ್ಗೆ ನಿಗಾ ವಹಿಸಬೇಕು. ನಾಗರಿಕರಿಗೆ ಮೂಲ ಸೌಕರ್ಯ ಒದಗಿಸುವುದು ಸರ್ಕಾರದ ಆದ್ಯತೆಯಾಗಿದೆ. ಅಕ್ರಮ ಬಡಾವಣೆಗಳಿಂದ ಸಾರ್ವಜನಿಕರಿಗೆ ತೊಂದರೆ ಉಂಟಾಗುತ್ತಿದ್ದು ಇದನ್ನು ತಡೆಯಲು ಕಠಿಣ ಕ್ರಮ ಅಗತ್ಯ ಎಂದು ಹೇಳಿದರು. ಸಭೆಯಲ್ಲಿ ಸಚಿವರು, ಶಾಸಕರು ಹಾಗೂ ಹಿರಿಯ ಅಧಿಕಾರಿಗಳು ಉಪಸ್ಥಿತರಿದ್ದರು. ರಾಜ್ಯದಲ್ಲಿ ಅನಧಿಕೃತ ಬಡಾವಣೆಗಳು ತಲೆ ಎತ್ತಿದ್ದರೆ ಅದಕ್ಕೆ ಸಂಬಂಧಪಟ್ಟ ಅಧಿಕಾರಿಗಳೇ ಜವಾಬ್ದಾರರಾಗುತ್ತಾರೆ ಎಂದು ಮುಖ್ಯಮಂತ್ರಿ ಎಚ್ಚರಿಕೆ ನೀಡಿದರು. ಸಭೆಯಲ್ಲಿ ಪ್ರಸ್ತಾಪಿಸಿದ ಅವರು ನಗರ ಯೋಜನೆ ಇಲಾಖೆ, ನಗರಾಭಿವೃದ್ಧಿ ಪ್ರಾಧಿಕಾರ ಹಾಗೂ ಗ್ರಾಮ ಪಂಚಾಯಿತಿಗಳ ಅಧಿಕಾರಿಗಳು ಸೂಕ್ತ ಕ್ರಮ ಕೈಗೊಳ್ಳಬೇಕು. ಕಾನೂನು ಬಾಹಿರವಾಗಿ ನಿರ್ಮಾಣವಾಗುವ ಬಡಾವಣೆಗಳ ಬಗ್ಗೆ ತಕ್ಷಣ ಕ್ರಮ ಜರುಗಿಸಬೇಕು ಎಂದು ಸೂಚಿಸಿದರು. ಜಿಲ್ಲಾಧಿಕಾರಿಗಳು, ತಹಶೀಲ್ದಾರರು ಹಾಗೂ ಇತರ ಅಧಿಕಾರಿಗಳು ಈ ಬಗ್ಗೆ ನಿಗಾ ವಹಿಸಬೇಕು. ನಾಗರಿಕರಿಗೆ ಮೂಲ ಸೌಕರ್ಯ ಒದಗಿಸುವುದು ಸರ್ಕಾರದ ಆದ್ಯತೆಯಾಗಿದೆ. ಅಕ್ರಮ ಬಡಾವಣೆಗಳಿಂದ ಸಾರ್ವಜನಿಕರಿಗೆ ತೊಂದರೆ ಉಂಟಾಗುತ್ತಿದ್ದು ಇದನ್ನು ತಡೆಯಲು ಕಠಿಣ ಕ್ರಮ ಅಗತ್ಯ ಎಂದು ಹೇಳಿದರು. ಸಭೆಯಲ್ಲಿ ಸಚಿವರು, ಶಾಸಕರು ಹಾಗೂ ಹಿರಿಯ ಅಧಿಕಾರಿಗಳು ಉಪಸ್ಥಿತರಿದ್ದರು.
ರಾಜ್ಯದಲ್ಲಿ ಅನಧಿಕೃತ ಬಡಾವಣೆಗಳು ತಲೆ ಎತ್ತಿದ್ದರೆ ಅದಕ್ಕೆ ಸಂಬಂಧಪಟ್ಟ ಅಧಿಕಾರಿಗಳೇ ಜವಾಬ್ದಾರರಾಗುತ್ತಾರೆ ಎಂದು ಮುಖ್ಯಮಂತ್ರಿ ಎಚ್ಚರಿಕೆ ನೀಡಿದರು. ಸಭೆಯಲ್ಲಿ ಪ್ರಸ್ತಾಪಿಸಿದ ಅವರು ನಗರ ಯೋಜನೆ ಇಲಾಖೆ, ನಗರಾಭಿವೃದ್ಧಿ ಪ್ರಾಧಿಕಾರ ಹಾಗೂ ಗ್ರಾಮ ಪಂಚಾಯಿತಿಗಳ ಅಧಿಕಾರಿಗಳು ಸೂಕ್ತ ಕ್ರಮ ಕೈಗೊಳ್ಳಬೇಕು. ಕಾನೂನು ಬಾಹಿರವಾಗಿ ನಿರ್ಮಾಣವಾಗುವ ಬಡಾವಣೆಗಳ ಬಗ್ಗೆ ತಕ್ಷಣ ಕ್ರಮ ಜರುಗಿಸಬೇಕು ಎಂದು ಸೂಚಿಸಿದರು. ಜಿಲ್ಲಾಧಿಕಾರಿಗಳು, ತಹಶೀಲ್ದಾರರು ಹಾಗೂ ಇತರ ಅಧಿಕಾರಿಗಳು ಈ ಬಗ್ಗೆ ನಿಗಾ ವಹಿಸಬೇಕು. ನಾಗರಿಕರಿಗೆ ಮೂಲ ಸೌಕರ್ಯ ಒದಗಿಸುವುದು ಸರ್ಕಾರದ ಆದ್ಯತೆಯಾಗಿದೆ. ಅಕ್ರಮ ಬಡಾವಣೆಗಳಿಂದ ಸಾರ್ವಜನಿಕರಿಗೆ ತೊಂದರೆ ಉಂಟಾಗುತ್ತಿದ್ದು ಇದನ್ನು ತಡೆಯಲು ಕಠಿಣ ಕ್ರಮ ಅಗತ್ಯ ಎಂದು ಹೇಳಿದರು. ಸಭೆಯಲ್ಲಿ ಸಚಿವರು, ಶಾಸಕರು ಹಾಗೂ ಹಿರಿಯ ಅಧಿಕಾರಿಗಳು ಉಪಸ್ಥಿತರಿದ್ದರು.
ರಾಜ್ಯದಲ್ಲಿ ಅನಧಿಕೃತ ಬಡಾವಣೆಗಳು ತಲೆ ಎತ್ತಿದ್ದರೆ ಅದಕ್ಕೆ ಸಂಬಂಧಪಟ್ಟ ಅಧಿಕಾರಿಗಳೇ ಜವಾಬ್ದಾರರಾಗುತ್ತಾರೆ ಎಂದು ಮುಖ್ಯಮಂತ್ರಿ ಎಚ್ಚರಿಕೆ ನೀಡಿದರು. ಸಭೆಯಲ್ಲಿ ಪ್ರಸ್ತಾಪಿಸಿದ ಅವರು ನಗರ ಯೋಜನೆ ಇಲಾಖೆ, ನಗರಾಭಿವೃದ್ಧಿ ಪ್ರಾಧಿಕಾರ ಹಾಗೂ ಗ್ರಾಮ ಪಂಚಾಯಿತಿಗಳ ಅಧಿಕಾರಿಗಳು ಸೂಕ್ತ ಕ್ರಮ ಕೈಗೊಳ್ಳಬೇಕು. ಕಾನೂನು ಬಾಹಿರವಾಗಿ ನಿರ್ಮಾಣವಾಗುವ ಬಡಾವಣೆಗಳ ಬಗ್ಗೆ ತಕ್ಷಣ ಕ್ರಮ ಜರುಗಿಸಬೇಕು ಎಂದು ಸೂಚಿಸಿದರು. ಜಿಲ್ಲಾಧಿಕಾರಿಗಳು, ತಹಶೀಲ್ದಾರರು ಹಾಗೂ ಇತರ ಅಧಿಕಾರಿಗಳು ಈ ಬಗ್ಗೆ ನಿಗಾ ವಹಿಸಬೇಕು. ನಾಗರಿಕರಿಗೆ ಮೂಲ ಸೌಕರ್ಯ ಒದಗಿಸುವುದು ಸರ್ಕಾರದ ಆದ್ಯತೆಯಾಗಿದೆ. ಅಕ್ರಮ ಬಡಾವಣೆಗಳಿಂದ ಸಾರ್ವಜನಿಕರಿಗೆ ತೊಂದರೆ ಉಂಟಾಗುತ್ತಿದ್ದು ಇದನ್ನು ತಡೆಯಲು ಕಠಿಣ ಕ್ರಮ ಅಗತ್ಯ ಎಂದು ಹೇಳಿದರು. ಸಭೆಯಲ್ಲಿ ಸಚಿವರು, ಶಾಸಕರು ಹಾಗೂ ಹಿರಿಯ ಅಧಿಕಾರಿಗಳು ಉಪಸ್ಥಿತರಿದ್ದರು. ರಾಜ್ಯದಲ್ಲಿ ಅನಧಿಕೃತ ಬಡಾವಣೆಗಳು ತಲೆ ಎತ್ತಿದ್ದರೆ ಅದಕ್ಕೆ ಸಂಬಂಧಪಟ್ಟ ಅಧಿಕಾರಿಗಳೇ ಜವಾಬ್ದಾರರಾಗುತ್ತಾರೆ ಎಂದು ಮುಖ್ಯಮಂತ್ರಿ ಎಚ್ಚರಿಕೆ ನೀಡಿದರು. ಸಭೆಯಲ್ಲಿ ಪ್ರಸ್ತಾಪಿಸಿದ ಅವರು ನಗರ ಯೋಜನೆ ಇಲಾಖೆ, ನಗರಾಭಿವೃದ್ಧಿ ಪ್ರಾಧಿಕಾರ ಹಾಗೂ ಗ್ರಾಮ ಪಂಚಾಯಿತಿಗಳ ಅಧಿಕಾರಿಗಳು ಸೂಕ್ತ ಕ್ರಮ ಕೈಗೊಳ್ಳಬೇಕು. ಕಾನೂನು ಬಾಹಿರವಾಗಿ ನಿರ್ಮಾಣವಾಗುವ ಬಡಾವಣೆಗಳ ಬಗ್ಗೆ ತಕ್ಷಣ ಕ್ರಮ ಜರುಗಿಸಬೇಕು ಎಂದು ಸೂಚಿಸಿದರು. ಜಿಲ್ಲಾಧಿಕಾರಿಗಳು, ತಹಶೀಲ್ದಾರರು ಹಾಗೂ ಇತರ ಅಧಿಕಾರಿಗಳು ಈ ಬಗ್ಗೆ ನಿಗಾ ವಹಿಸಬೇಕು. ನಾಗರಿಕರಿಗೆ ಮೂಲ ಸೌಕರ್ಯ ಒದಗಿಸುವುದು ಸರ್ಕಾರದ ಆದ್ಯತೆಯಾಗಿದೆ. ಅಕ್ರಮ ಬಡಾವಣೆಗಳಿಂದ ಸಾರ್ವಜನಿಕರಿಗೆ ತೊಂದರೆ ಉಂಟಾಗುತ್ತಿದ್ದು ಇದನ್ನು ತಡೆಯಲು ಕಠಿಣ ಕ್ರಮ ಅಗತ್ಯ ಎಂದು ಹೇಳಿದರು. ಸಭೆಯಲ್ಲಿ ಸಚಿವರು, ಶಾಸಕರು ಹಾಗೂ ಹಿರಿಯ ಅಧಿಕಾರಿಗಳು ಉಪಸ್ಥಿತರಿದ್ದರು.
"ಸಿದ್ದರಾಮಯ್ಯನವರೇ, 'ಕರ್ನಾಟಕ ಅತ್ಯಂತ ಅನುಕೂಲ' ಎಂದು ಮತ್ತು ತೆಲಂಗಾಣದ ಬೆಲು ಬಾಜು
ಬೆಂಗಳೂರು: ರಾಜ್ಯದಲ್ಲಿ ಅನಧಿಕೃತ ಬಡಾವಣೆಗಳು ತಲೆ ಎತ್ತಿದ್ದರೆ ಅದಕ್ಕೆ ಸಂಬಂಧಪಟ್ಟ ಅಧಿಕಾರಿಗಳೇ ಜವಾಬ್ದಾರರಾಗುತ್ತಾರೆ ಎಂದು ಮುಖ್ಯಮಂತ್ರಿ ಎಚ್ಚರಿಕೆ ನೀಡಿದರು. ಸಭೆಯಲ್ಲಿ ಪ್ರಸ್ತಾಪಿಸಿದ ಅವರು ನಗರ ಯೋಜನೆ ಇಲಾಖೆ, ನಗರಾಭಿವೃದ್ಧಿ ಪ್ರಾಧಿಕಾರ ಹಾಗೂ ಗ್ರಾಮ ಪಂಚಾಯಿತಿಗಳ ಅಧಿಕಾರಿಗಳು ಸೂಕ್ತ ಕ್ರಮ ಕೈಗೊಳ್ಳಬೇಕು. ಕಾನೂನು ಬಾಹಿರವಾಗಿ ನಿರ್ಮಾಣವಾಗುವ ಬಡಾವಣೆಗಳ ಬಗ್ಗೆ ತಕ್ಷಣ ಕ್ರಮ ಜರುಗಿಸಬೇಕು ಎಂದು ಸೂಚಿಸಿದರು. ಜಿಲ್ಲಾಧಿಕಾರಿಗಳು, ತಹಶೀಲ್ದಾರರು ಹಾಗೂ ಇತರ ಅಧಿಕಾರಿಗಳು ಈ ಬಗ್ಗೆ ನಿಗಾ ವಹಿಸಬೇಕು. ನಾಗರಿಕರಿಗೆ ಮೂಲ ಸೌಕರ್ಯ ಒದಗಿಸುವುದು ಸರ್ಕಾರದ ಆದ್ಯತೆಯಾಗಿದೆ. ಅಕ್ರಮ ಬಡಾವಣೆಗಳಿಂದ ಸಾರ್ವಜನಿಕರಿಗೆ ತೊಂದರೆ ಉಂಟಾಗುತ್ತಿದ್ದು ಇದನ್ನು ತಡೆಯಲು ಕಠಿಣ ಕ್ರಮ ಅಗತ್ಯ ಎಂದು ಹೇಳಿದರು. ಸಭೆಯಲ್ಲಿ ಸಚಿವರು, ಶಾಸಕರು ಹಾಗೂ ಹಿರಿಯ ಅಧಿಕಾರಿಗಳು ಉಪಸ್ಥಿತರಿದ್ದರು.
ರಾಜ್ಯದಲ್ಲಿ ಅನಧಿಕೃತ ಬಡಾವಣೆಗಳು ತಲೆ ಎತ್ತಿದ್ದರೆ ಅದಕ್ಕೆ ಸಂಬಂಧಪಟ್ಟ ಅಧಿಕಾರಿಗಳೇ ಜವಾಬ್ದಾರರಾಗುತ್ತಾರೆ ಎಂದು ಮುಖ್ಯಮಂತ್ರಿ ಎಚ್ಚರಿಕೆ ನೀಡಿದರು. ಸಭೆಯಲ್ಲಿ ಪ್ರಸ್ತಾಪಿಸಿದ ಅವರು ನಗರ ಯೋಜನೆ ಇಲಾಖೆ, ನಗರಾಭಿವೃದ್ಧಿ ಪ್ರಾಧಿಕಾರ ಹಾಗೂ ಗ್ರಾಮ ಪಂಚಾಯಿತಿಗಳ ಅಧಿಕಾರಿಗಳು ಸೂಕ್ತ ಕ್ರಮ ಕೈಗೊಳ್ಳಬೇಕು. ಕಾನೂನು ಬಾಹಿರವಾಗಿ ನಿರ್ಮಾಣವಾಗುವ ಬಡಾವಣೆಗಳ ಬಗ್ಗೆ ತಕ್ಷಣ ಕ್ರಮ ಜರುಗಿಸಬೇಕು ಎಂದು ಸೂಚಿಸಿದರು. ಜಿಲ್ಲಾಧಿಕಾರಿಗಳು, ತಹಶೀಲ್ದಾರರು ಹಾಗೂ ಇತರ ಅಧಿಕಾರಿಗಳು ಈ ಬಗ್ಗೆ ನಿಗಾ ವಹಿಸಬೇಕು. ನಾಗರಿಕರಿಗೆ ಮೂಲ ಸೌಕರ್ಯ ಒದಗಿಸುವುದು ಸರ್ಕಾರದ ಆದ್ಯತೆಯಾಗಿದೆ. ಅಕ್ರಮ ಬಡಾವಣೆಗಳಿಂದ ಸಾರ್ವಜನಿಕರಿಗೆ ತೊಂದರೆ ಉಂಟಾಗುತ್ತಿದ್ದು ಇದನ್ನು ತಡೆಯಲು ಕಠಿಣ ಕ್ರಮ ಅಗತ್ಯ ಎಂದು ಹೇಳಿದರು. ಸಭೆಯಲ್ಲಿ ಸಚಿವರು, ಶಾಸಕರು ಹಾಗೂ ಹಿರಿಯ ಅಧಿಕಾರಿಗಳು ಉಪಸ್ಥಿತರಿದ್ದರು.
ರಾಜ್ಯದಲ್ಲಿ ಅನಧಿಕೃತ ಬಡಾವಣೆಗಳು ತಲೆ ಎತ್ತಿದ್ದರೆ ಅದಕ್ಕೆ ಸಂಬಂಧಪಟ್ಟ ಅಧಿಕಾರಿಗಳೇ ಜವಾಬ್ದಾರರಾಗುತ್ತಾರೆ ಎಂದು ಮುಖ್ಯಮಂತ್ರಿ ಎಚ್ಚರಿಕೆ ನೀಡಿದರು. ಸಭೆಯಲ್ಲಿ ಪ್ರಸ್ತಾಪಿಸಿದ ಅವರು ನಗರ ಯೋಜನೆ ಇಲಾಖೆ, ನಗರಾಭಿವೃದ್ಧಿ ಪ್ರಾಧಿಕಾರ ಹಾಗೂ ಗ್ರಾಮ ಪಂಚಾಯಿತಿಗಳ ಅಧಿಕಾರಿಗಳು ಸೂಕ್ತ ಕ್ರಮ ಕೈಗೊಳ್ಳಬೇಕು. ಕಾನೂನು ಬಾಹಿರವಾಗಿ ನಿರ್ಮಾಣವಾಗುವ ಬಡಾವಣೆಗಳ ಬಗ್ಗೆ ತಕ್ಷಣ ಕ್ರಮ ಜರುಗಿಸಬೇಕು ಎಂದು ಸೂಚಿಸಿದರು. ಜಿಲ್ಲಾಧಿಕಾರಿಗಳು, ತಹಶೀಲ್ದಾರರು ಹಾಗೂ ಇತರ ಅಧಿಕಾರಿಗಳು ಈ ಬಗ್ಗೆ ನಿಗಾ ವಹಿಸಬೇಕು. ನಾಗರಿಕರಿಗೆ ಮೂಲ ಸೌಕರ್ಯ ಒದಗಿಸುವುದು ಸರ್ಕಾರದ ಆದ್ಯತೆಯಾಗಿದೆ. ಅಕ್ರಮ ಬಡಾವಣೆಗಳಿಂದ ಸಾರ್ವಜನಿಕರಿಗೆ ತೊಂದರೆ ಉಂಟಾಗುತ್ತಿದ್ದು ಇದನ್ನು ತಡೆಯಲು ಕಠಿಣ ಕ್ರಮ ಅಗತ್ಯ ಎಂದು ಹೇಳಿದರು. ಸಭೆಯಲ್ಲಿ ಸಚಿವರು, ಶಾಸಕರು ಹಾಗೂ ಹಿರಿಯ ಅಧಿಕಾರಿಗಳು ಉಪಸ್ಥಿತರಿದ್ದರು. ರಾಜ್ಯದಲ್ಲಿ ಅನಧಿಕೃತ ಬಡಾವಣೆಗಳು ತಲೆ ಎತ್ತಿದ್ದರೆ ಅದಕ್ಕೆ ಸಂಬಂಧಪಟ್ಟ ಅಧಿಕಾರಿಗಳೇ ಜವಾಬ್ದಾರರಾಗುತ್ತಾರೆ ಎಂದು ಮುಖ್ಯಮಂತ್ರಿ ಎಚ್ಚರಿಕೆ ನೀಡಿದರು. ಸಭೆಯಲ್ಲಿ ಪ್ರಸ್ತಾಪಿಸಿದ ಅವರು ನಗರ ಯೋಜನೆ ಇಲಾಖೆ, ನಗರಾಭಿವೃದ್ಧಿ ಪ್ರಾಧಿಕಾರ ಹಾಗೂ ಗ್ರಾಮ ಪಂಚಾಯಿತಿಗಳ ಅಧಿಕಾರಿಗಳು ಸೂಕ್ತ ಕ್ರಮ ಕೈಗೊಳ್ಳಬೇಕು. ಕಾನೂನು ಬಾಹಿರವಾಗಿ ನಿರ್ಮಾಣವಾಗುವ ಬಡಾವಣೆಗಳ ಬಗ್ಗೆ ತಕ್ಷಣ ಕ್ರಮ ಜರುಗಿಸಬೇಕು ಎಂದು ಸೂಚಿಸಿದರು. ಜಿಲ್ಲಾಧಿಕಾರಿಗಳು, ತಹಶೀಲ್ದಾರರು ಹಾಗೂ ಇತರ ಅಧಿಕಾರಿಗಳು ಈ ಬಗ್ಗೆ ನಿಗಾ ವಹಿಸಬೇಕು. ನಾಗರಿಕರಿಗೆ ಮೂಲ ಸೌಕರ್ಯ ಒದಗಿಸುವುದು ಸರ್ಕಾರದ ಆದ್ಯತೆಯಾಗಿದೆ. ಅಕ್ರಮ ಬಡಾವಣೆಗಳಿಂದ ಸಾರ್ವಜನಿಕರಿಗೆ ತೊಂದರೆ ಉಂಟಾಗುತ್ತಿದ್ದು ಇದನ್ನು ತಡೆಯಲು ಕಠಿಣ ಕ್ರಮ ಅಗತ್ಯ ಎಂದು ಹೇಳಿದರು. ಸಭೆಯಲ್ಲಿ ಸಚಿವರು, ಶಾಸಕರು ಹಾಗೂ ಹಿರಿಯ ಅಧಿಕಾರಿಗಳು ಉಪಸ್ಥಿತರಿದ್ದರು.
